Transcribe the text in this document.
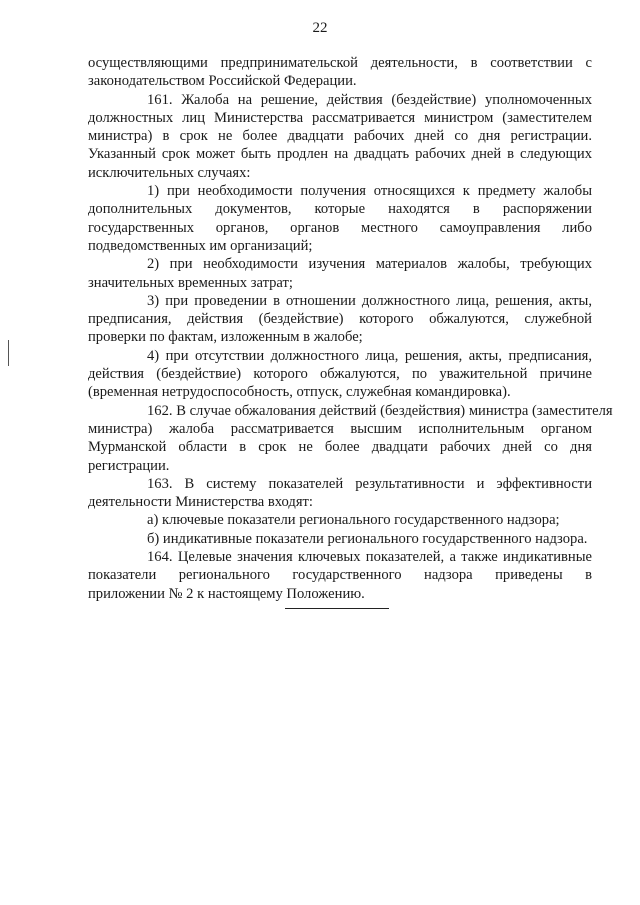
22

осуществляющими предпринимательской деятельности, в соответствии с
законодательством Российской Федерации.

161. Жалоба на решение, действия (бездействие) уполномоченных
должностных лиц Министерства рассматривается министром (заместителем
министра) в срок не более двадцати рабочих дней со дня регистрации.
Указанный срок может быть продлен на двадцать рабочих дней в следующих
исключительных случаях:

1) при необходимости получения относящихся к предмету жалобы
дополнительных документов, которые находятся в распоряжении
государственных органов, органов местного самоуправления либо
подведомственных им организаций;

2) при необходимости изучения материалов жалобы, требующих
значительных временных затрат;

3) при проведении в отношении должностного лица, решения, акты,
предписания, действия (бездействие) которого обжалуются, служебной
проверки по фактам, изложенным в жалобе;

4) при отсутствии должностного лица, решения, акты, предписания,
действия (бездействие) которого обжалуются, по уважительной причине
(временная нетрудоспособность, отпуск, служебная командировка).

162. В случае обжалования действий (бездействия) министра (заместителя
министра) жалоба рассматривается высшим исполнительным органом
Мурманской области в срок не более двадцати рабочих дней со дня
регистрации.

163. В систему показателей результативности и эффективности
деятельности Министерства входят:

а) ключевые показатели регионального государственного надзора;

б) индикативные показатели регионального государственного надзора.

164. Целевые значения ключевых показателей, а также индикативные
показатели регионального государственного надзора приведены в
приложении № 2 к настоящему Положению.
